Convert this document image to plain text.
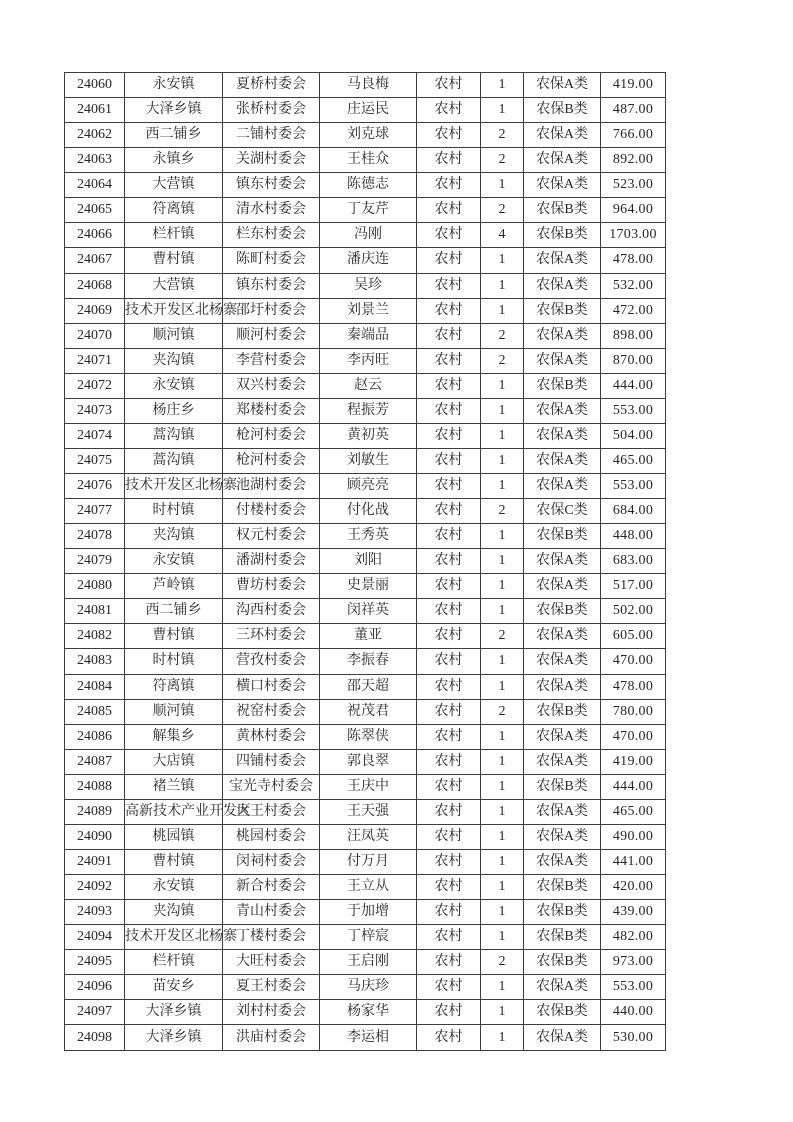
24060	永安镇	夏桥村委会	马良梅	农村	1	农保A类	419.00
24061	大泽乡镇	张桥村委会	庄运民	农村	1	农保B类	487.00
24062	西二铺乡	二铺村委会	刘克球	农村	2	农保A类	766.00
24063	永镇乡	关湖村委会	王桂众	农村	2	农保A类	892.00
24064	大营镇	镇东村委会	陈德志	农村	1	农保A类	523.00
24065	符离镇	清水村委会	丁友芹	农村	2	农保B类	964.00
24066	栏杆镇	栏东村委会	冯刚	农村	4	农保B类	1703.00
24067	曹村镇	陈町村委会	潘庆连	农村	1	农保A类	478.00
24068	大营镇	镇东村委会	吴珍	农村	1	农保A类	532.00
24069	技术开发区北杨寨	邵圩村委会	刘景兰	农村	1	农保B类	472.00
24070	顺河镇	顺河村委会	秦端品	农村	2	农保A类	898.00
24071	夹沟镇	李营村委会	李丙旺	农村	2	农保A类	870.00
24072	永安镇	双兴村委会	赵云	农村	1	农保B类	444.00
24073	杨庄乡	郑楼村委会	程振芳	农村	1	农保A类	553.00
24074	蒿沟镇	枪河村委会	黄初英	农村	1	农保A类	504.00
24075	蒿沟镇	枪河村委会	刘敏生	农村	1	农保A类	465.00
24076	技术开发区北杨寨	池湖村委会	顾亮亮	农村	1	农保A类	553.00
24077	时村镇	付楼村委会	付化战	农村	2	农保C类	684.00
24078	夹沟镇	权元村委会	王秀英	农村	1	农保B类	448.00
24079	永安镇	潘湖村委会	刘阳	农村	1	农保A类	683.00
24080	芦岭镇	曹坊村委会	史景丽	农村	1	农保A类	517.00
24081	西二铺乡	沟西村委会	闵祥英	农村	1	农保B类	502.00
24082	曹村镇	三环村委会	董亚	农村	2	农保A类	605.00
24083	时村镇	营孜村委会	李振春	农村	1	农保A类	470.00
24084	符离镇	横口村委会	邵天超	农村	1	农保A类	478.00
24085	顺河镇	祝窑村委会	祝茂君	农村	2	农保B类	780.00
24086	解集乡	黄林村委会	陈翠侠	农村	1	农保A类	470.00
24087	大店镇	四铺村委会	郭良翠	农村	1	农保A类	419.00
24088	褚兰镇	宝光寺村委会	王庆中	农村	1	农保B类	444.00
24089	高新技术产业开发区	大王村委会	王天强	农村	1	农保A类	465.00
24090	桃园镇	桃园村委会	汪凤英	农村	1	农保A类	490.00
24091	曹村镇	闵祠村委会	付万月	农村	1	农保A类	441.00
24092	永安镇	新合村委会	王立从	农村	1	农保B类	420.00
24093	夹沟镇	青山村委会	于加增	农村	1	农保B类	439.00
24094	技术开发区北杨寨	丁楼村委会	丁梓宸	农村	1	农保B类	482.00
24095	栏杆镇	大旺村委会	王启刚	农村	2	农保B类	973.00
24096	苗安乡	夏王村委会	马庆珍	农村	1	农保A类	553.00
24097	大泽乡镇	刘村村委会	杨家华	农村	1	农保B类	440.00
24098	大泽乡镇	洪庙村委会	李运相	农村	1	农保A类	530.00
